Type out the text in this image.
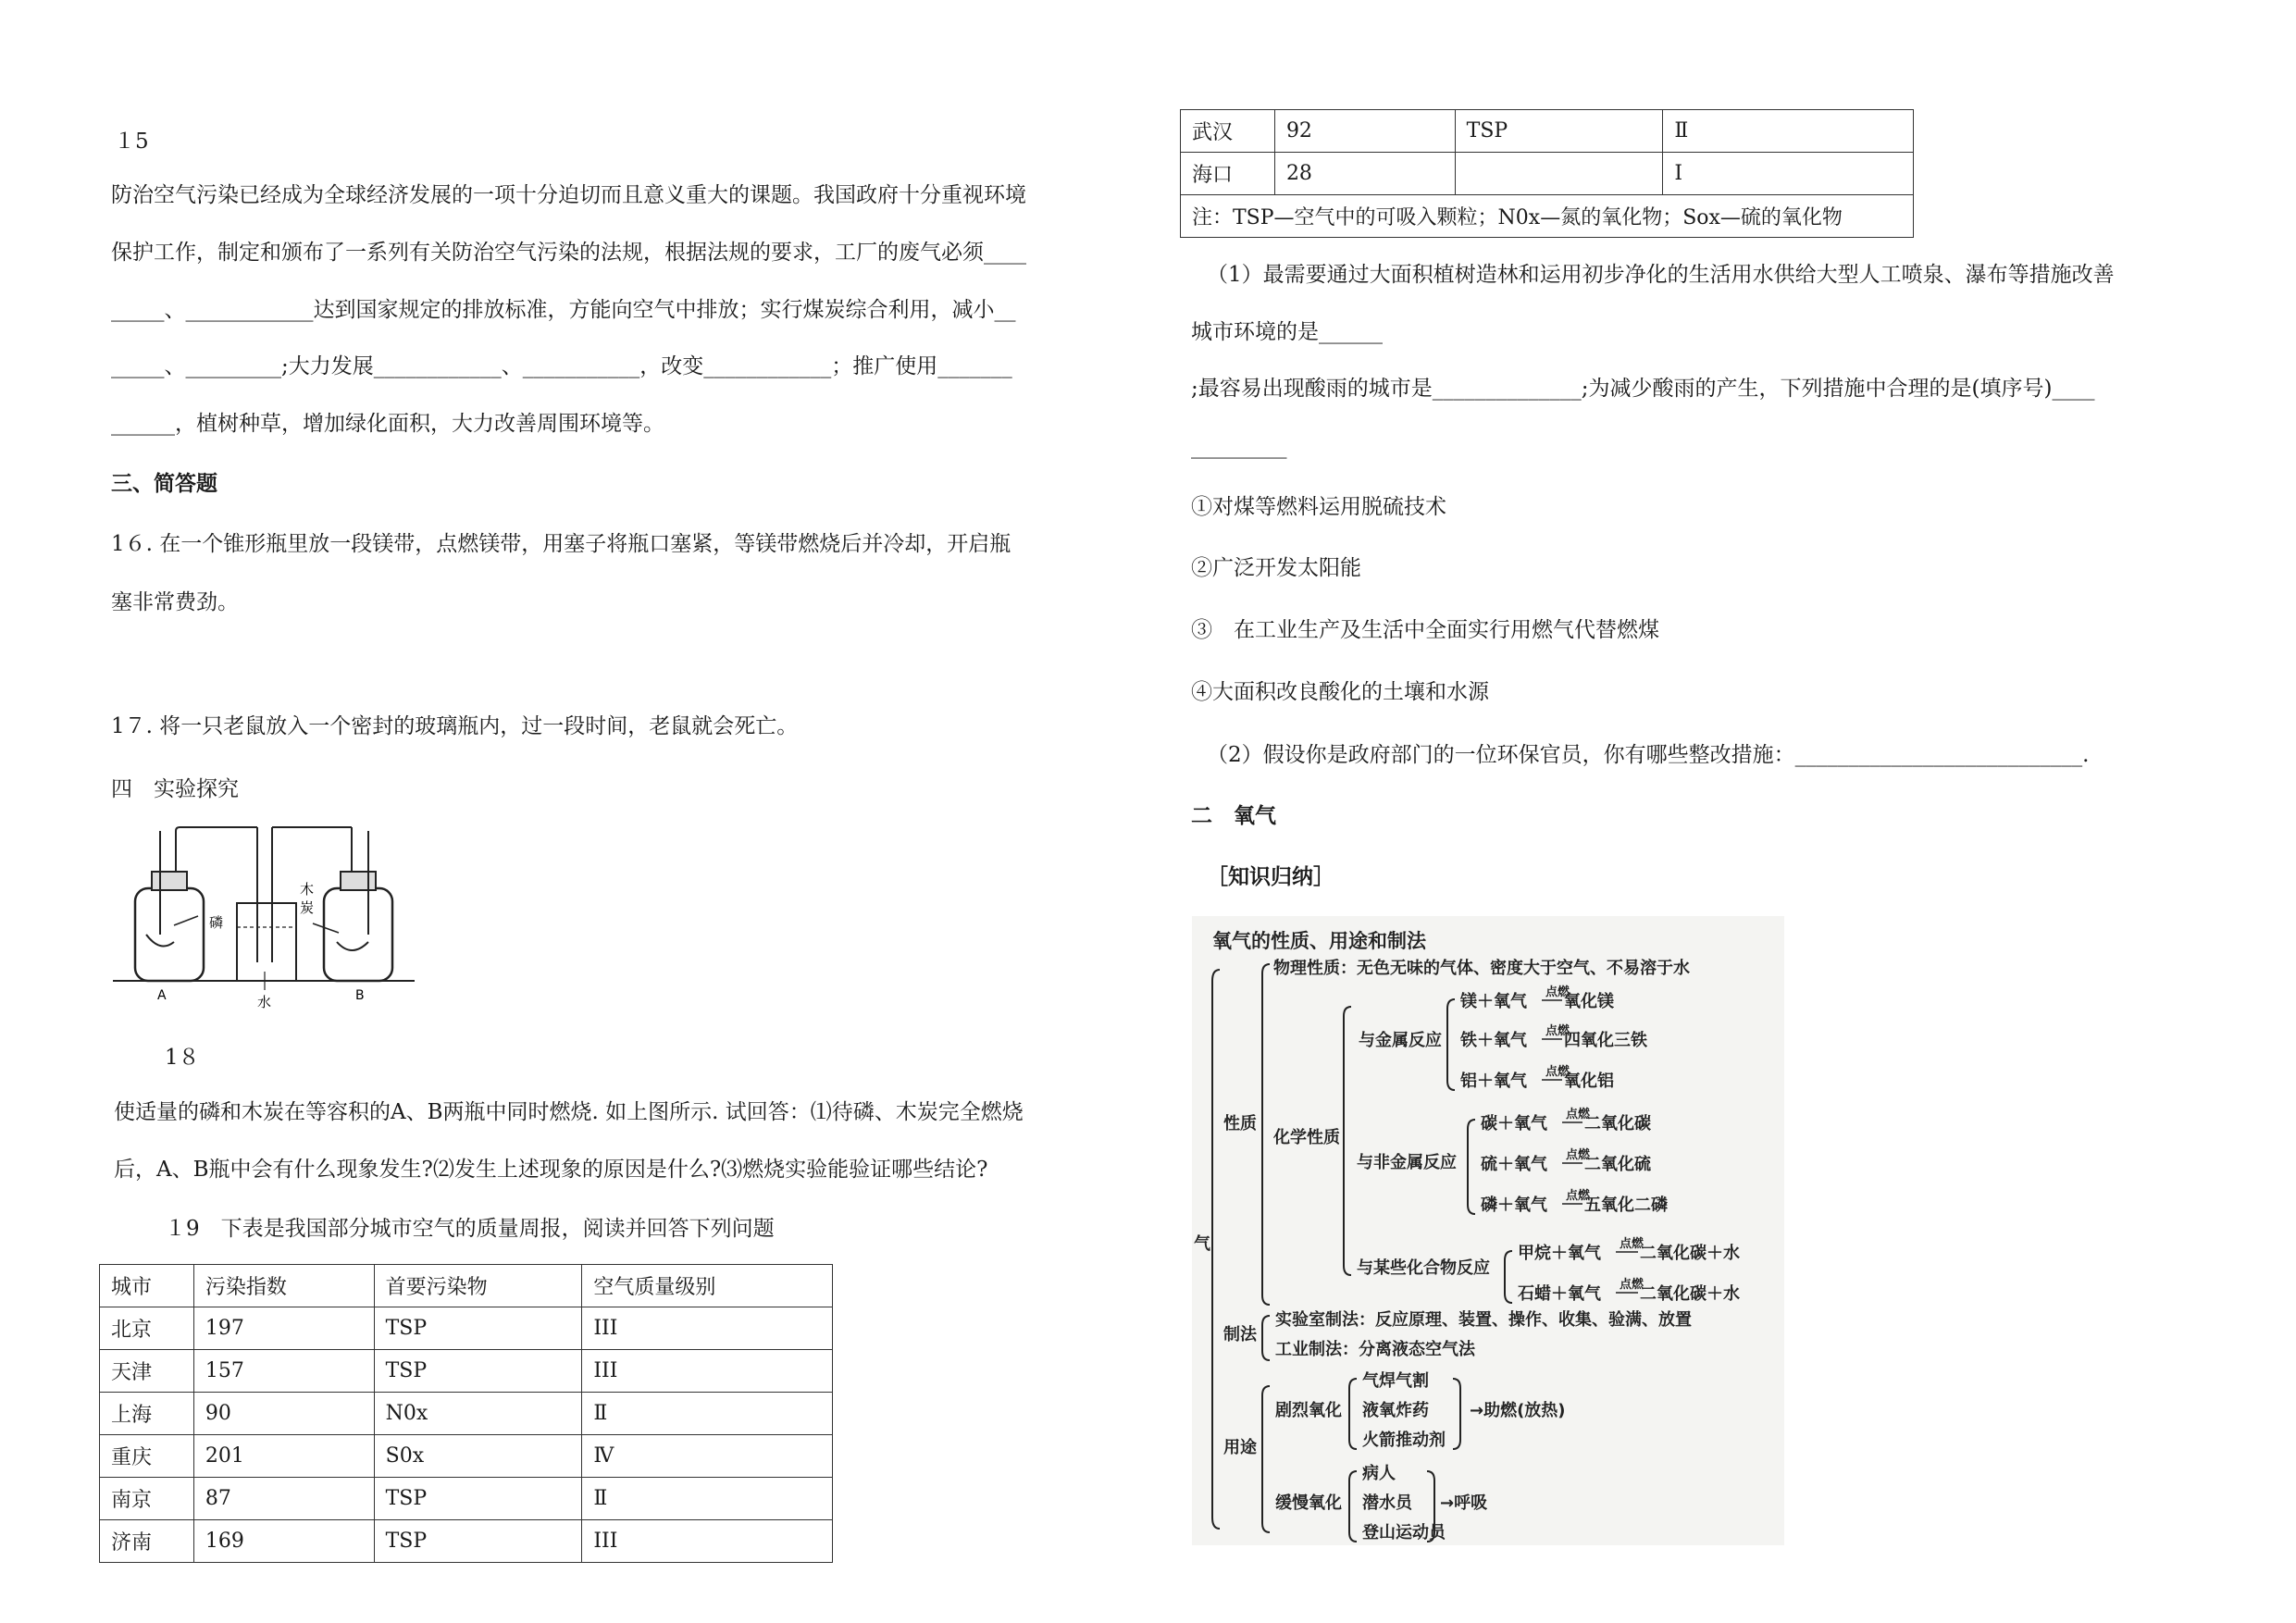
１5
防治空气污染已经成为全球经济发展的一项十分迫切而且意义重大的课题。我国政府十分重视环境
保护工作，制定和颁布了一系列有关防治空气污染的法规，根据法规的要求，工厂的废气必须____
_____、____________达到国家规定的排放标准，方能向空气中排放；实行煤炭综合利用，减小__
_____、_________;大力发展____________、___________，改变____________；推广使用_______
______，植树种草，增加绿化面积，大力改善周围环境等。
三、简答题
1６. 在一个锥形瓶里放一段镁带，点燃镁带，用塞子将瓶口塞紧，等镁带燃烧后并冷却，开启瓶
塞非常费劲。
1７. 将一只老鼠放入一个密封的玻璃瓶内，过一段时间，老鼠就会死亡。
四　实验探究
磷
木
炭
A	水	B
1８
使适量的磷和木炭在等容积的A、B两瓶中同时燃烧. 如上图所示. 试回答：⑴待磷、木炭完全燃烧
后，A、B瓶中会有什么现象发生?⑵发生上述现象的原因是什么?⑶燃烧实验能验证哪些结论?
１9　下表是我国部分城市空气的质量周报，阅读并回答下列问题
城市	污染指数	首要污染物	空气质量级别
北京	197	TSP	III
天津	157	TSP	III
上海	90	N0x	Ⅱ
重庆	201	S0x	Ⅳ
南京	87	TSP	Ⅱ
济南	169	TSP	III
武汉	92	TSP	Ⅱ
海口	28		Ⅰ
注：TSP—空气中的可吸入颗粒；N0x—氮的氧化物；Sox—硫的氧化物			
（1）最需要通过大面积植树造林和运用初步净化的生活用水供给大型人工喷泉、瀑布等措施改善
城市环境的是______
;最容易出现酸雨的城市是______________;为减少酸雨的产生，下列措施中合理的是(填序号)____
_________
①对煤等燃料运用脱硫技术
②广泛开发太阳能
③　在工业生产及生活中全面实行用燃气代替燃煤
④大面积改良酸化的土壤和水源
（2）假设你是政府部门的一位环保官员，你有哪些整改措施：___________________________.
二　氧气
［知识归纳］
氧气的性质、用途和制法
气
性质
物理性质：无色无味的气体、密度大于空气、不易溶于水
化学性质
与金属反应
与非金属反应
与某些化合物反应
镁＋氧气 点燃
氧化镁
铁＋氧气 点燃
四氧化三铁
铝＋氧气 点燃
氧化铝
碳＋氧气 点燃
二氧化碳
硫＋氧气 点燃
二氧化硫
磷＋氧气 点燃
五氧化二磷
甲烷＋氧气 点燃
二氧化碳＋水
石蜡＋氧气 点燃
二氧化碳＋水
制法
实验室制法：反应原理、装置、操作、收集、验满、放置
工业制法：分离液态空气法
用途
剧烈氧化
气焊气割
液氧炸药
火箭推动剂
→助燃(放热)
缓慢氧化
病人
潜水员
登山运动员
→呼吸
